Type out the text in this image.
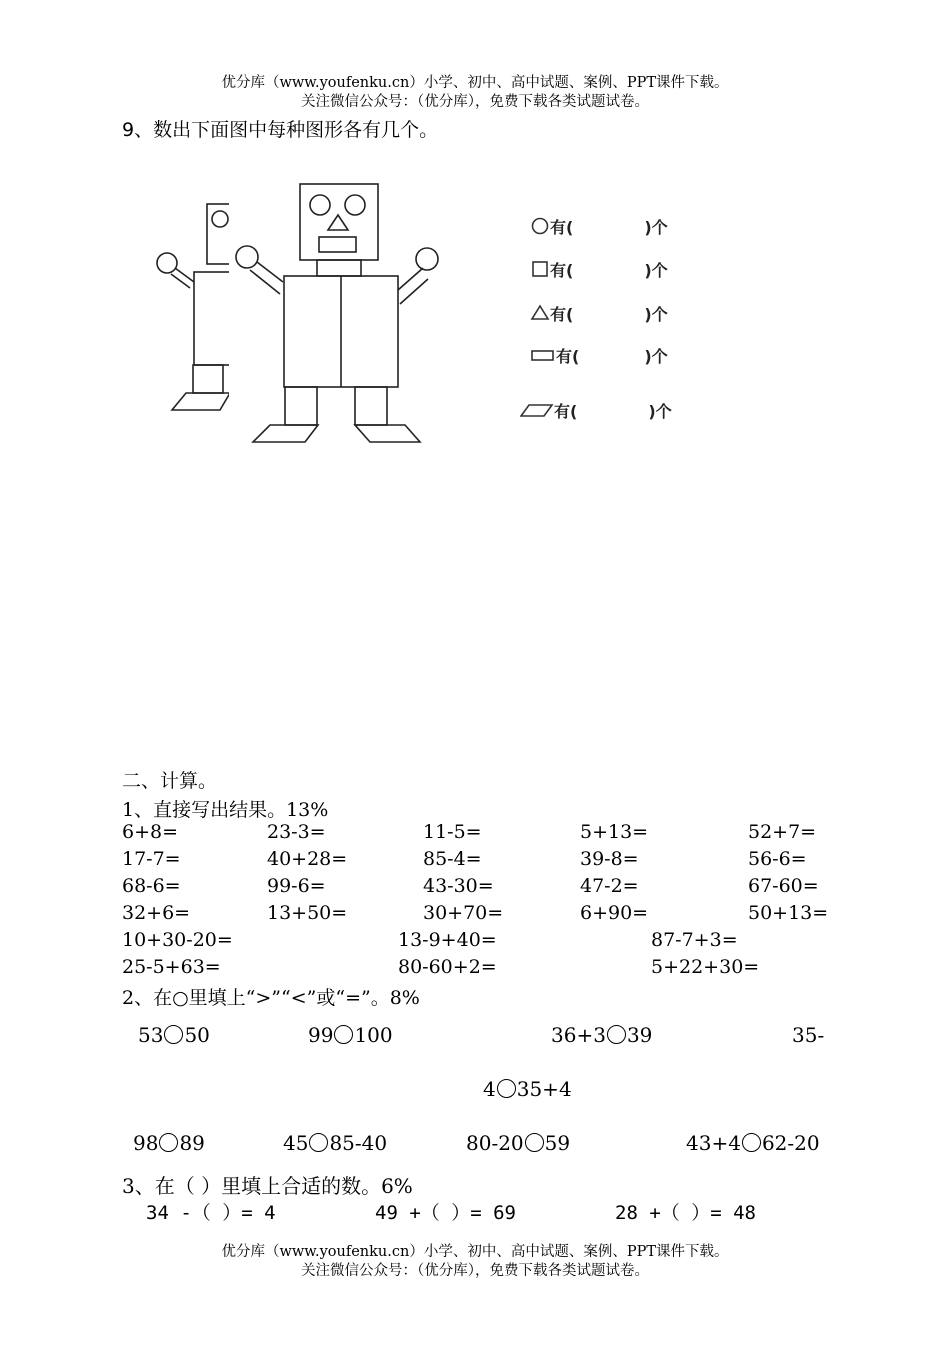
优分库（www.youfenku.cn）小学、初中、高中试题、案例、PPT课件下载。
关注微信公众号：（优分库），免费下载各类试题试卷。
9、数出下面图中每种图形各有几个。
有(	)个
有(	)个
有(	)个
有(	)个
有(	)个
二、计算。
1、直接写出结果。13%
6+8=	23-3=	11-5=	5+13=	52+7=
17-7=	40+28=	85-4=	39-8=	56-6=
68-6=	99-6=	43-30=	47-2=	67-60=
32+6=	13+50=	30+70=	6+90=	50+13=
10+30-20=	13-9+40=	87-7+3=
25-5+63=	80-60+2=	5+22+30=
2、在○里填上“>”“<”或“=”。8%
53 50	99 100	36+3 39	35-
4 35+4
98 89	45 85-40	80-20 59	43+4 62-20
3、在（ ）里填上合适的数。6%
34 -（ ）= 4	49 +（ ）= 69	28 +（ ）= 48
优分库（www.youfenku.cn）小学、初中、高中试题、案例、PPT课件下载。
关注微信公众号：（优分库），免费下载各类试题试卷。
